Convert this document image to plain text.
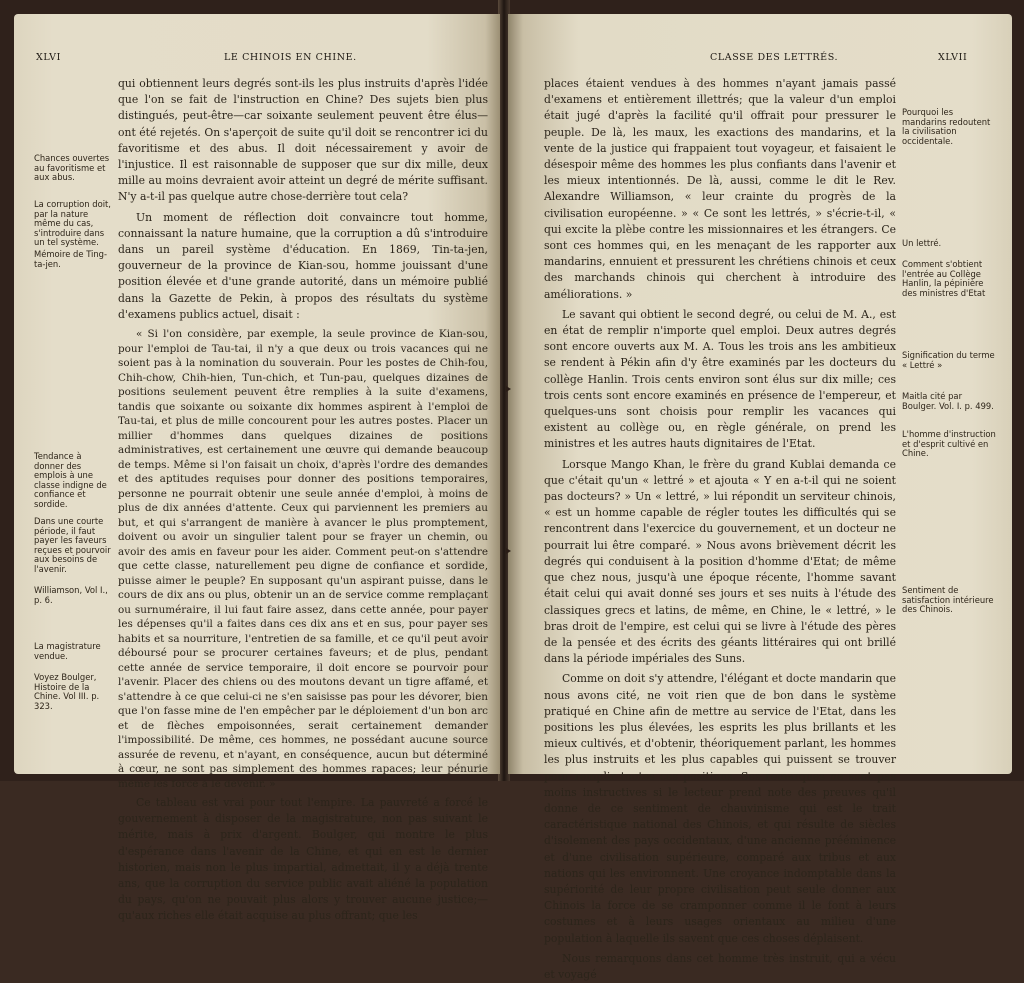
XLVI	LE CHINOIS EN CHINE.

qui obtiennent leurs degrés sont-ils les plus instruits d'après l'idée que l'on se fait de l'instruction en Chine? Des sujets bien plus distingués, peut-être—car soixante seulement peuvent être élus—ont été rejetés. On s'aperçoit de suite qu'il doit se rencontrer ici du favoritisme et des abus. Il doit nécessairement y avoir de l'injustice. Il est raisonnable de supposer que sur dix mille, deux mille au moins devraient avoir atteint un degré de mérite suffisant. N'y a-t-il pas quelque autre chose-derrière tout cela?

Un moment de réflection doit convaincre tout homme, connaissant la nature humaine, que la corruption a dû s'introduire dans un pareil système d'éducation. En 1869, Tin-ta-jen, gouverneur de la province de Kian-sou, homme jouissant d'une position élevée et d'une grande autorité, dans un mémoire publié dans la Gazette de Pekin, à propos des résultats du système d'examens publics actuel, disait :

« Si l'on considère, par exemple, la seule province de Kian-sou, pour l'emploi de Tau-tai, il n'y a que deux ou trois vacances qui ne soient pas à la nomination du souverain. Pour les postes de Chih-fou, Chih-chow, Chih-hien, Tun-chich, et Tun-pau, quelques dizaines de positions seulement peuvent être remplies à la suite d'examens, tandis que soixante ou soixante dix hommes aspirent à l'emploi de Tau-tai, et plus de mille concourent pour les autres postes. Placer un millier d'hommes dans quelques dizaines de positions administratives, est certainement une œuvre qui demande beaucoup de temps. Même si l'on faisait un choix, d'après l'ordre des demandes et des aptitudes requises pour donner des positions temporaires, personne ne pourrait obtenir une seule année d'emploi, à moins de plus de dix années d'attente. Ceux qui parviennent les premiers au but, et qui s'arrangent de manière à avancer le plus promptement, doivent ou avoir un singulier talent pour se frayer un chemin, ou avoir des amis en faveur pour les aider. Comment peut-on s'attendre que cette classe, naturellement peu digne de confiance et sordide, puisse aimer le peuple? En supposant qu'un aspirant puisse, dans le cours de dix ans ou plus, obtenir un an de service comme remplaçant ou surnuméraire, il lui faut faire assez, dans cette année, pour payer les dépenses qu'il a faites dans ces dix ans et en sus, pour payer ses habits et sa nourriture, l'entretien de sa famille, et ce qu'il peut avoir déboursé pour se procurer certaines faveurs; et de plus, pendant cette année de service temporaire, il doit encore se pourvoir pour l'avenir. Placer des chiens ou des moutons devant un tigre affamé, et s'attendre à ce que celui-ci ne s'en saisisse pas pour les dévorer, bien que l'on fasse mine de l'en empêcher par le déploiement d'un bon arc et de flèches empoisonnées, serait certainement demander l'impossibilité. De même, ces hommes, ne possédant aucune source assurée de revenu, et n'ayant, en conséquence, aucun but déterminé à cœur, ne sont pas simplement des hommes rapaces; leur pénurie même les force à le devenir. »

Ce tableau est vrai pour tout l'empire. La pauvreté a forcé le gouvernement à disposer de la magistrature, non pas suivant le mérite, mais à prix d'argent. Boulger, qui montre le plus d'espérance dans l'avenir de la Chine, et qui en est le dernier historien, mais non le plus impartial, admettait, il y a déjà trente ans, que la corruption du service public avait aliéné la population du pays, qu'on ne pouvait plus alors y trouver aucune justice;—qu'aux riches elle était acquise au plus offrant; que les

Chances ouvertes au favoritisme et aux abus.
La corruption doit, par la nature même du cas, s'introduire dans un tel système.
Mémoire de Ting-ta-jen.
Tendance à donner des emplois à une classe indigne de confiance et sordide.
Dans une courte période, il faut payer les faveurs reçues et pourvoir aux besoins de l'avenir.
Williamson, Vol I., p. 6.
La magistrature vendue.
Voyez Boulger, Histoire de la Chine. Vol III. p. 323.
CLASSE DES LETTRÉS.	XLVII

places étaient vendues à des hommes n'ayant jamais passé d'examens et entièrement illettrés; que la valeur d'un emploi était jugé d'après la facilité qu'il offrait pour pressurer le peuple. De là, les maux, les exactions des mandarins, et la vente de la justice qui frappaient tout voyageur, et faisaient le désespoir même des hommes les plus confiants dans l'avenir et les mieux intentionnés. De là, aussi, comme le dit le Rev. Alexandre Williamson, « leur crainte du progrès de la civilisation européenne. » « Ce sont les lettrés, » s'écrie-t-il, « qui excite la plèbe contre les missionnaires et les étrangers. Ce sont ces hommes qui, en les menaçant de les rapporter aux mandarins, ennuient et pressurent les chrétiens chinois et ceux des marchands chinois qui cherchent à introduire des améliorations. »

Le savant qui obtient le second degré, ou celui de M. A., est en état de remplir n'importe quel emploi. Deux autres degrés sont encore ouverts aux M. A. Tous les trois ans les ambitieux se rendent à Pékin afin d'y être examinés par les docteurs du collège Hanlin. Trois cents environ sont élus sur dix mille; ces trois cents sont encore examinés en présence de l'empereur, et quelques-uns sont choisis pour remplir les vacances qui existent au collège ou, en règle générale, on prend les ministres et les autres hauts dignitaires de l'Etat.

Lorsque Mango Khan, le frère du grand Kublai demanda ce que c'était qu'un « lettré » et ajouta « Y en a-t-il qui ne soient pas docteurs? » Un « lettré, » lui répondit un serviteur chinois, « est un homme capable de régler toutes les difficultés qui se rencontrent dans l'exercice du gouvernement, et un docteur ne pourrait lui être comparé. » Nous avons brièvement décrit les degrés qui conduisent à la position d'homme d'Etat; de même que chez nous, jusqu'à une époque récente, l'homme savant était celui qui avait donné ses jours et ses nuits à l'étude des classiques grecs et latins, de même, en Chine, le « lettré, » le bras droit de l'empire, est celui qui se livre à l'étude des pères de la pensée et des écrits des géants littéraires qui ont brillé dans la période impériales des Suns.

Comme on doit s'y attendre, l'élégant et docte mandarin que nous avons cité, ne voit rien que de bon dans le système pratiqué en Chine afin de mettre au service de l'Etat, dans les positions les plus élevées, les esprits les plus brillants et les mieux cultivés, et d'obtenir, théoriquement parlant, les hommes les plus instruits et les plus capables qui puissent se trouver pour remplir toutes ces positions. Ses remarques ne sont pas moins instructives si le lecteur prend note des preuves qu'il donne de ce sentiment de chauvinisme qui est le trait caractéristique national des Chinois, et qui résulte de siècles d'isolement des pays occidentaux, d'une ancienne prééminence et d'une civilisation supérieure, comparé aux tribus et aux nations qui les environnent. Une croyance indomptable dans la supériorité de leur propre civilisation peut seule donner aux Chinois la force de se cramponner comme il le font à leurs costumes et à leurs usages orientaux au milieu d'une population à laquelle ils savent que ces choses déplaisent.

Nous remarquons dans cet homme très instruit, qui a vécu et voyagé

Pourquoi les mandarins redoutent la civilisation occidentale.
Un lettré.
Comment s'obtient l'entrée au Collège Hanlin, la pépinière des ministres d'Etat
Signification du terme « Lettré »
Maitla cité par Boulger. Vol. I. p. 499.
L'homme d'instruction et d'esprit cultivé en Chine.
Sentiment de satisfaction intérieure des Chinois.
